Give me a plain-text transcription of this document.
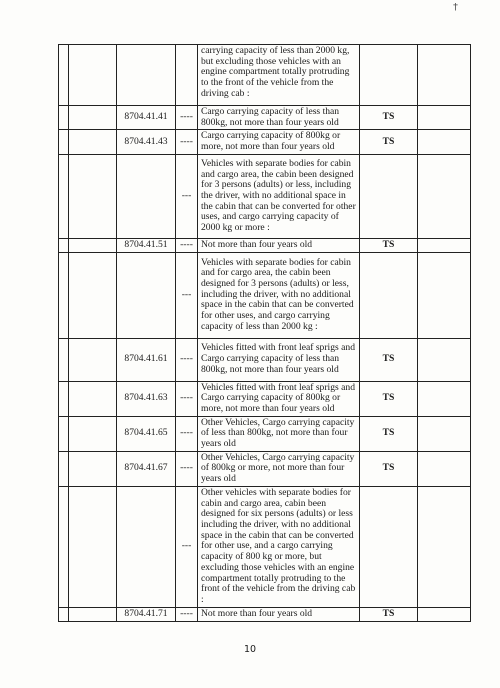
†
				carrying capacity of less than 2000 kg, but excluding those vehicles with an engine compartment totally protruding to the front of the vehicle from the driving cab :		
		8704.41.41	----	Cargo carrying capacity of less than 800kg, not more than four years old	TS	
		8704.41.43	----	Cargo carrying capacity of 800kg or more, not more than four years old	TS	
			---	Vehicles with separate bodies for cabin and cargo area, the cabin been designed for 3 persons (adults) or less, including the driver, with no additional space in the cabin that can be converted for other uses, and cargo carrying capacity of 2000 kg or more :		
		8704.41.51	----	Not more than four years old	TS	
			---	Vehicles with separate bodies for cabin and for cargo area, the cabin been designed for 3 persons (adults) or less, including the driver, with no additional space in the cabin that can be converted for other uses, and cargo carrying capacity of less than 2000 kg :		
		8704.41.61	----	Vehicles fitted with front leaf sprigs and Cargo carrying capacity of less than 800kg, not more than four years old	TS	
		8704.41.63	----	Vehicles fitted with front leaf sprigs and Cargo carrying capacity of 800kg or more, not more than four years old	TS	
		8704.41.65	----	Other Vehicles, Cargo carrying capacity of less than 800kg, not more than four years old	TS	
		8704.41.67	----	Other Vehicles, Cargo carrying capacity of 800kg or more, not more than four years old	TS	
			---	Other vehicles with separate bodies for cabin and cargo area, cabin been designed for six persons (adults) or less including the driver, with no additional space in the cabin that can be converted for other use, and a cargo carrying capacity of 800 kg or more, but excluding those vehicles with an engine compartment totally protruding to the front of the vehicle from the driving cab :		
		8704.41.71	----	Not more than four years old	TS	
10
